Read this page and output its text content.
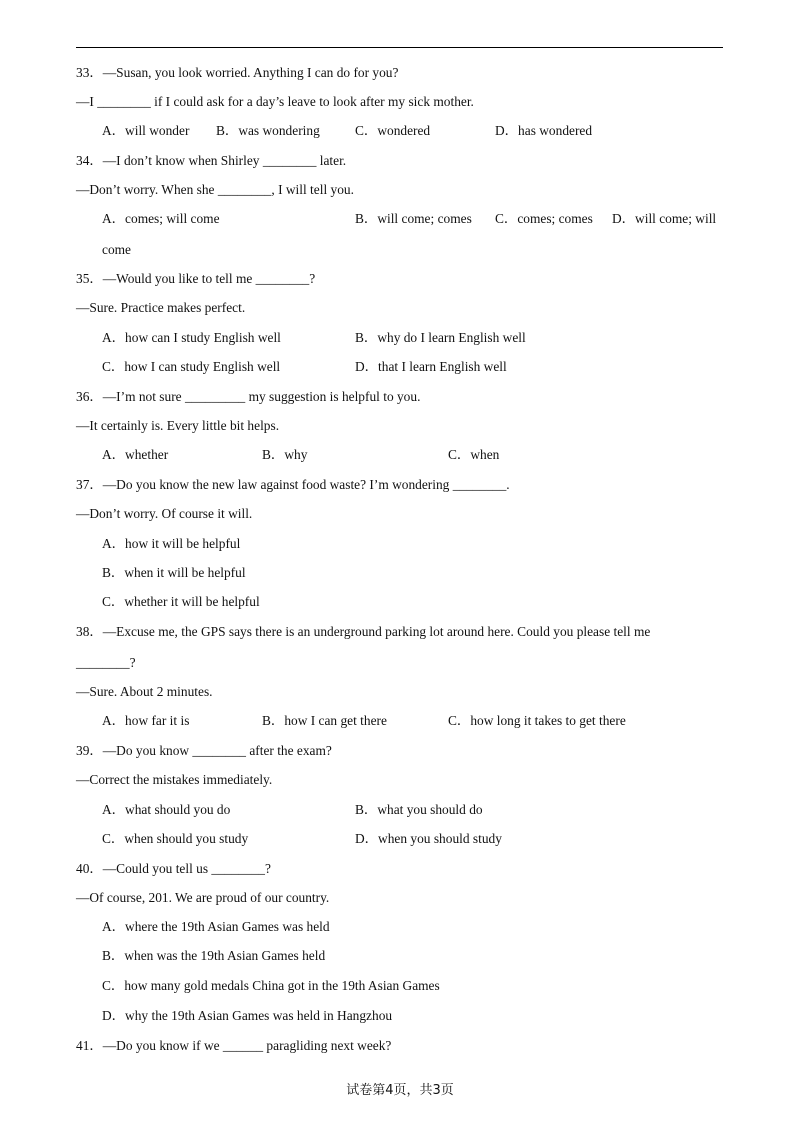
33．—Susan, you look worried. Anything I can do for you?
—I ________ if I could ask for a day’s leave to look after my sick mother.
A．will wonder B．was wondering	C．wondered	D．has wondered
34．—I don’t know when Shirley ________ later.
—Don’t worry. When she ________, I will tell you.
A．comes; will come	B．will come; comes C．comes; comes D．will come; will
come
35．—Would you like to tell me ________?
—Sure. Practice makes perfect.
A．how can I study English well	B．why do I learn English well
C．how I can study English well	D．that I learn English well
36．—I’m not sure _________ my suggestion is helpful to you.
—It certainly is. Every little bit helps.
A．whether	B．why	C．when
37．—Do you know the new law against food waste? I’m wondering ________.
—Don’t worry. Of course it will.
A．how it will be helpful
B．when it will be helpful
C．whether it will be helpful
38．—Excuse me, the GPS says there is an underground parking lot around here. Could you please tell me
________?
—Sure. About 2 minutes.
A．how far it is	B．how I can get there	C．how long it takes to get there
39．—Do you know ________ after the exam?
—Correct the mistakes immediately.
A．what should you do	B．what you should do
C．when should you study	D．when you should study
40．—Could you tell us ________?
—Of course, 201. We are proud of our country.
A．where the 19th Asian Games was held
B．when was the 19th Asian Games held
C．how many gold medals China got in the 19th Asian Games
D．why the 19th Asian Games was held in Hangzhou
41．—Do you know if we ______ paragliding next week?
试卷第4页，共3页
